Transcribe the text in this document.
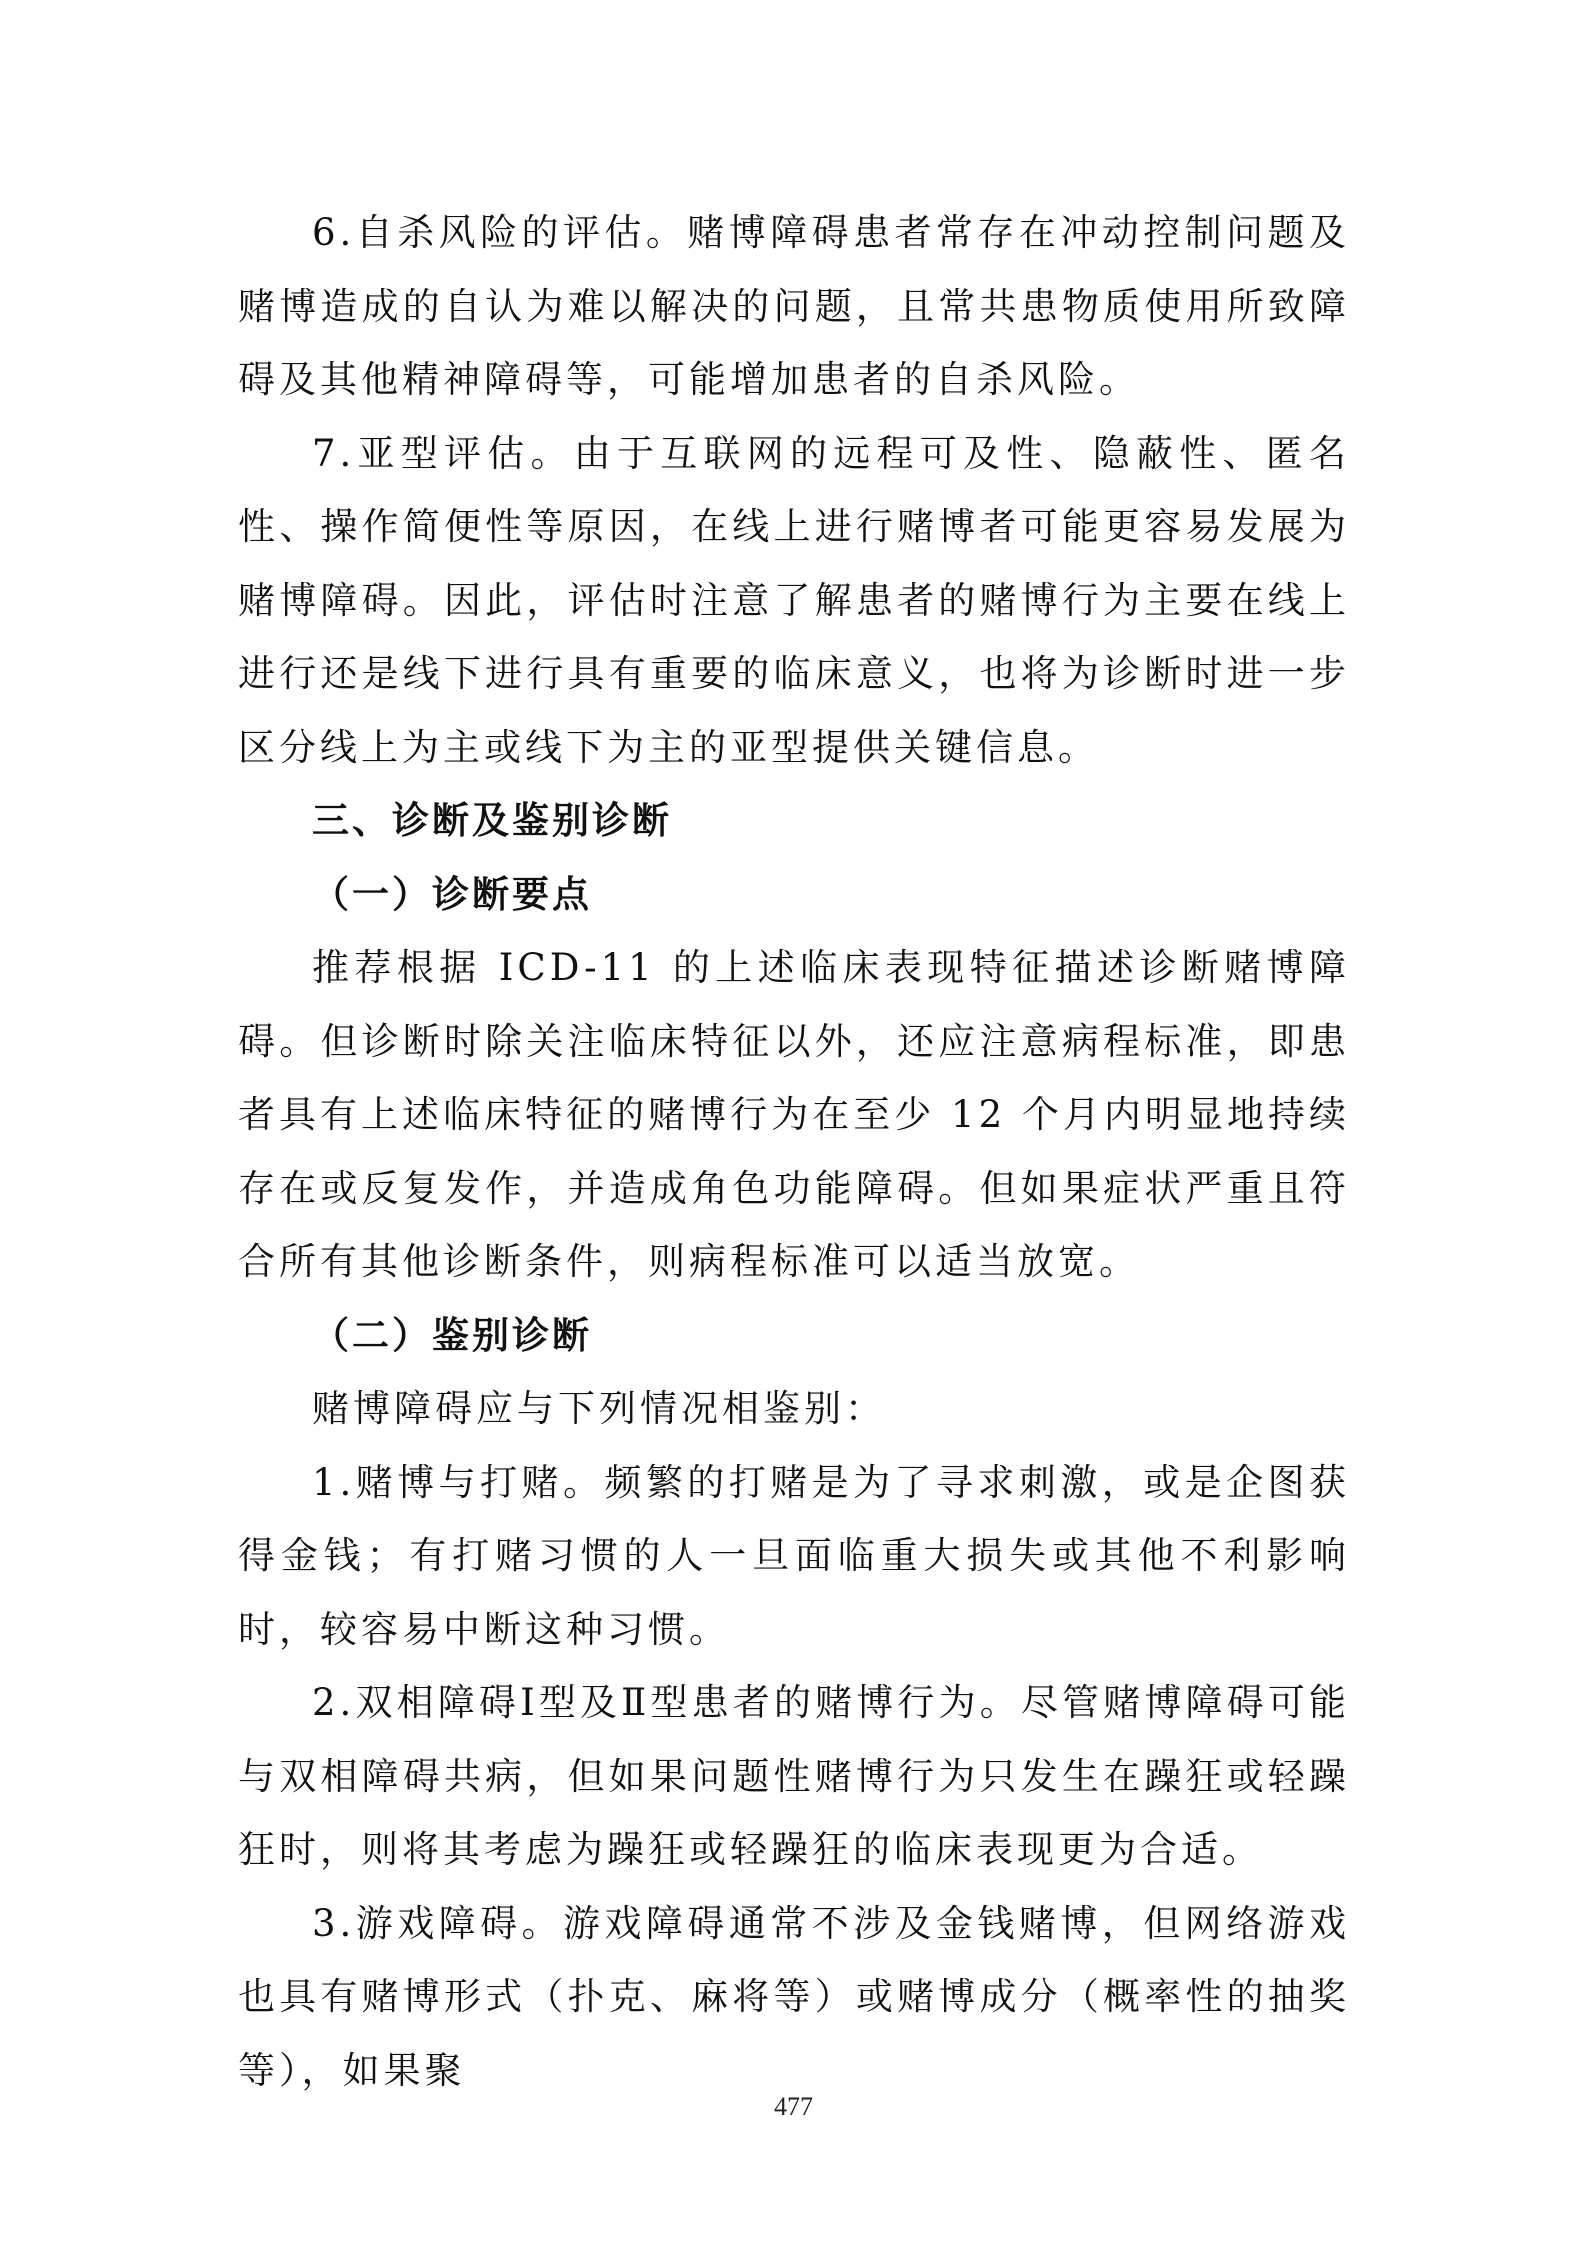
6.自杀风险的评估。赌博障碍患者常存在冲动控制问题及赌博造成的自认为难以解决的问题，且常共患物质使用所致障碍及其他精神障碍等，可能增加患者的自杀风险。

7.亚型评估。由于互联网的远程可及性、隐蔽性、匿名性、操作简便性等原因，在线上进行赌博者可能更容易发展为赌博障碍。因此，评估时注意了解患者的赌博行为主要在线上进行还是线下进行具有重要的临床意义，也将为诊断时进一步区分线上为主或线下为主的亚型提供关键信息。

三、诊断及鉴别诊断

（一）诊断要点

推荐根据 ICD-11 的上述临床表现特征描述诊断赌博障碍。但诊断时除关注临床特征以外，还应注意病程标准，即患者具有上述临床特征的赌博行为在至少 12 个月内明显地持续存在或反复发作，并造成角色功能障碍。但如果症状严重且符合所有其他诊断条件，则病程标准可以适当放宽。

（二）鉴别诊断

赌博障碍应与下列情况相鉴别：

1.赌博与打赌。频繁的打赌是为了寻求刺激，或是企图获得金钱；有打赌习惯的人一旦面临重大损失或其他不利影响时，较容易中断这种习惯。

2.双相障碍Ⅰ型及Ⅱ型患者的赌博行为。尽管赌博障碍可能与双相障碍共病，但如果问题性赌博行为只发生在躁狂或轻躁狂时，则将其考虑为躁狂或轻躁狂的临床表现更为合适。

3.游戏障碍。游戏障碍通常不涉及金钱赌博，但网络游戏也具有赌博形式（扑克、麻将等）或赌博成分（概率性的抽奖等），如果聚

477
